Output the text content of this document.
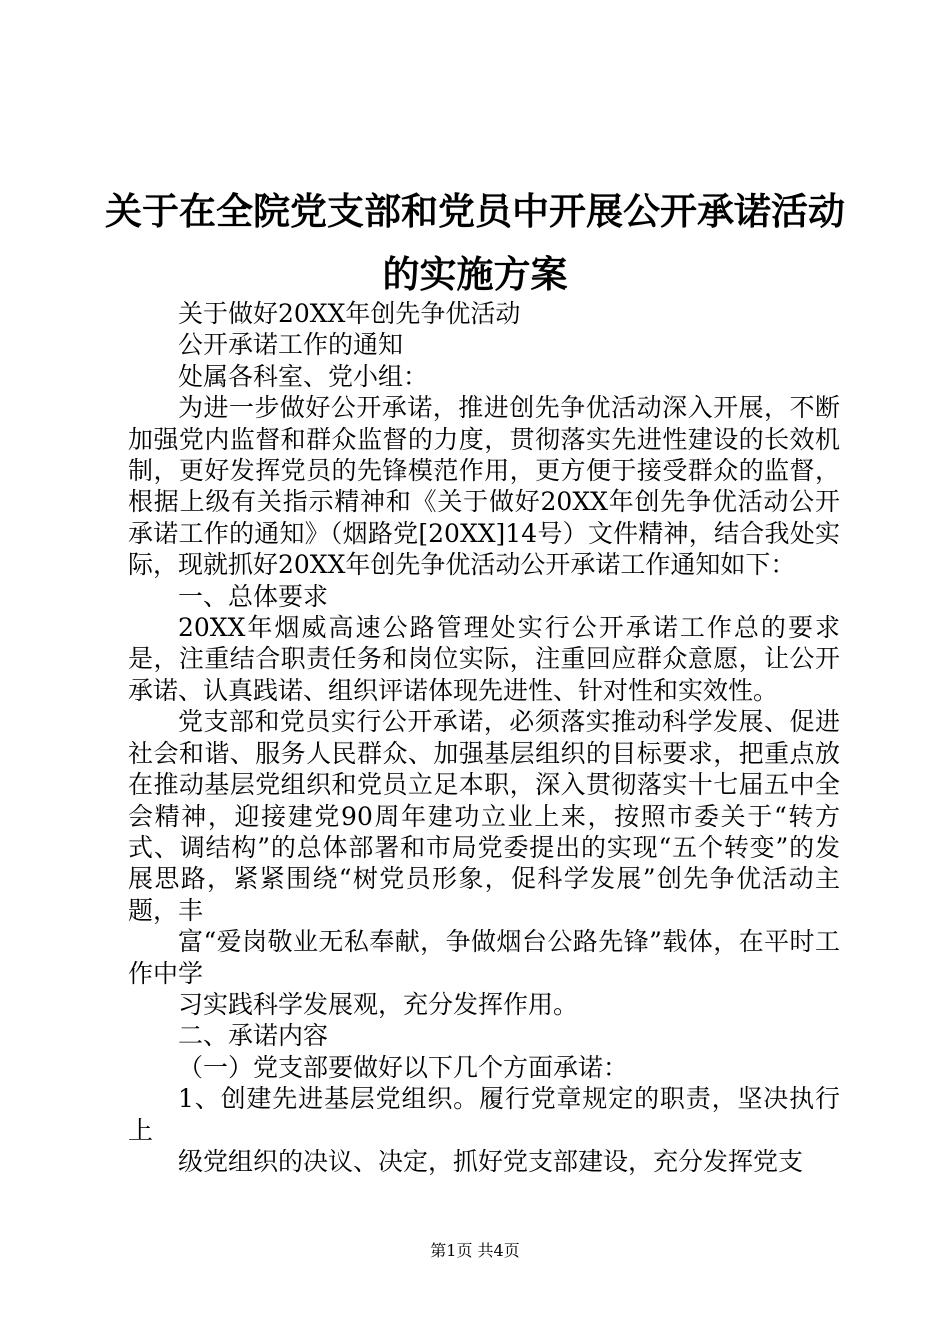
关于在全院党支部和党员中开展公开承诺活动
的实施方案

关于做好20XX年创先争优活动

公开承诺工作的通知

处属各科室、党小组：

为进一步做好公开承诺，推进创先争优活动深入开展，不断加强党内监督和群众监督的力度，贯彻落实先进性建设的长效机制，更好发挥党员的先锋模范作用，更方便于接受群众的监督，根据上级有关指示精神和《关于做好20XX年创先争优活动公开承诺工作的通知》（烟路党[20XX]14号）文件精神，结合我处实际，现就抓好20XX年创先争优活动公开承诺工作通知如下：

一、总体要求

20XX年烟威高速公路管理处实行公开承诺工作总的要求是，注重结合职责任务和岗位实际，注重回应群众意愿，让公开承诺、认真践诺、组织评诺体现先进性、针对性和实效性。

党支部和党员实行公开承诺，必须落实推动科学发展、促进社会和谐、服务人民群众、加强基层组织的目标要求，把重点放在推动基层党组织和党员立足本职，深入贯彻落实十七届五中全会精神，迎接建党90周年建功立业上来，按照市委关于“转方式、调结构”的总体部署和市局党委提出的实现“五个转变”的发展思路，紧紧围绕“树党员形象，促科学发展”创先争优活动主题，丰

富“爱岗敬业无私奉献，争做烟台公路先锋”载体，在平时工作中学

习实践科学发展观，充分发挥作用。

二、承诺内容

（一）党支部要做好以下几个方面承诺：

1、创建先进基层党组织。履行党章规定的职责，坚决执行上

级党组织的决议、决定，抓好党支部建设，充分发挥党支

第1页 共4页
